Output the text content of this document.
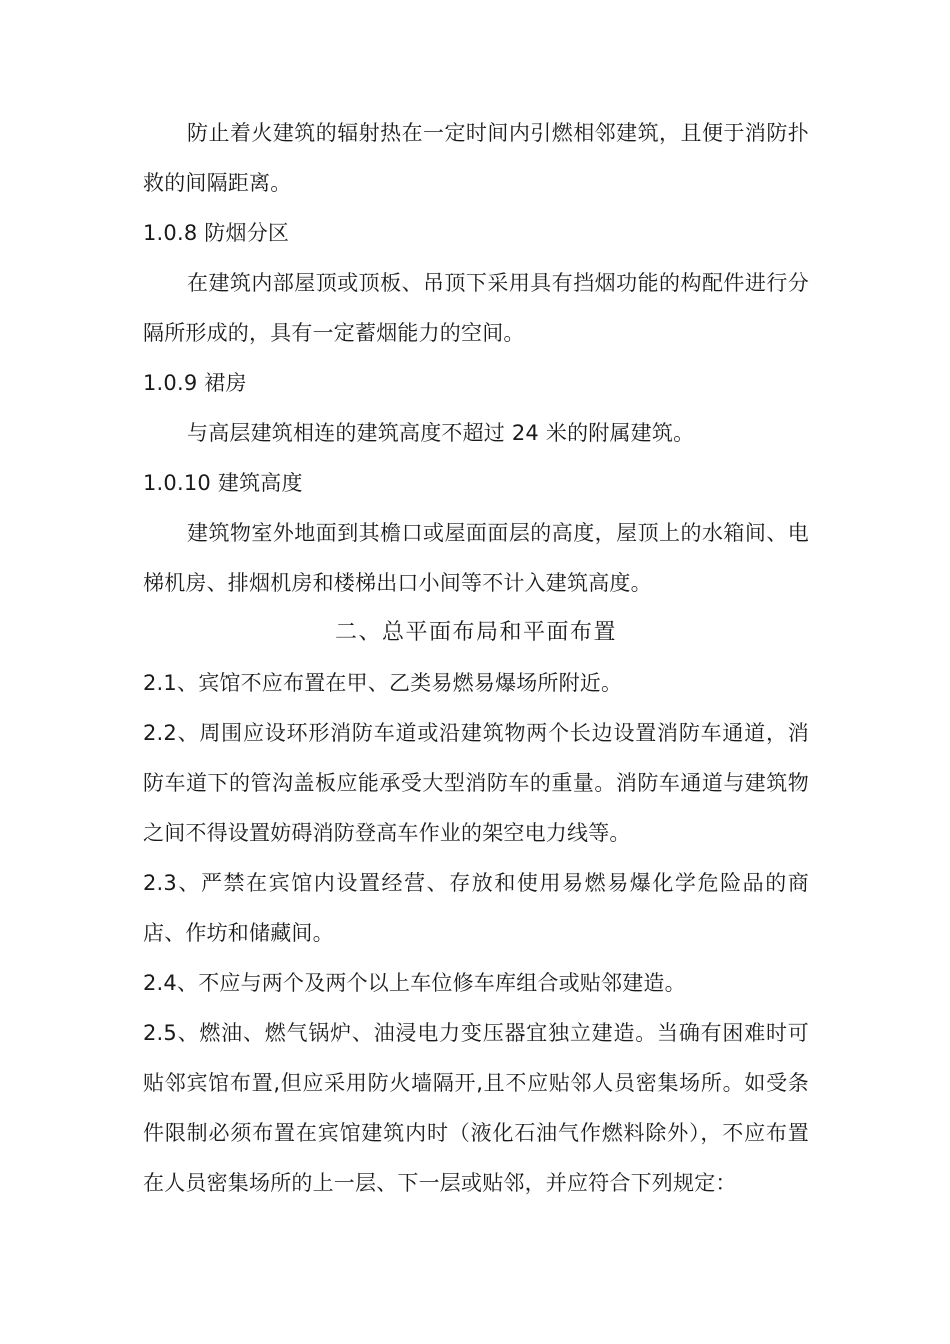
防止着火建筑的辐射热在一定时间内引燃相邻建筑，且便于消防扑救的间隔距离。

1.0.8 防烟分区

在建筑内部屋顶或顶板、吊顶下采用具有挡烟功能的构配件进行分隔所形成的，具有一定蓄烟能力的空间。

1.0.9 裙房

与高层建筑相连的建筑高度不超过 24 米的附属建筑。

1.0.10 建筑高度

建筑物室外地面到其檐口或屋面面层的高度，屋顶上的水箱间、电梯机房、排烟机房和楼梯出口小间等不计入建筑高度。

二、总平面布局和平面布置

2.1、宾馆不应布置在甲、乙类易燃易爆场所附近。

2.2、周围应设环形消防车道或沿建筑物两个长边设置消防车通道，消防车道下的管沟盖板应能承受大型消防车的重量。消防车通道与建筑物之间不得设置妨碍消防登高车作业的架空电力线等。

2.3、严禁在宾馆内设置经营、存放和使用易燃易爆化学危险品的商店、作坊和储藏间。

2.4、不应与两个及两个以上车位修车库组合或贴邻建造。

2.5、燃油、燃气锅炉、油浸电力变压器宜独立建造。当确有困难时可贴邻宾馆布置,但应采用防火墙隔开,且不应贴邻人员密集场所。如受条件限制必须布置在宾馆建筑内时（液化石油气作燃料除外），不应布置在人员密集场所的上一层、下一层或贴邻，并应符合下列规定：
